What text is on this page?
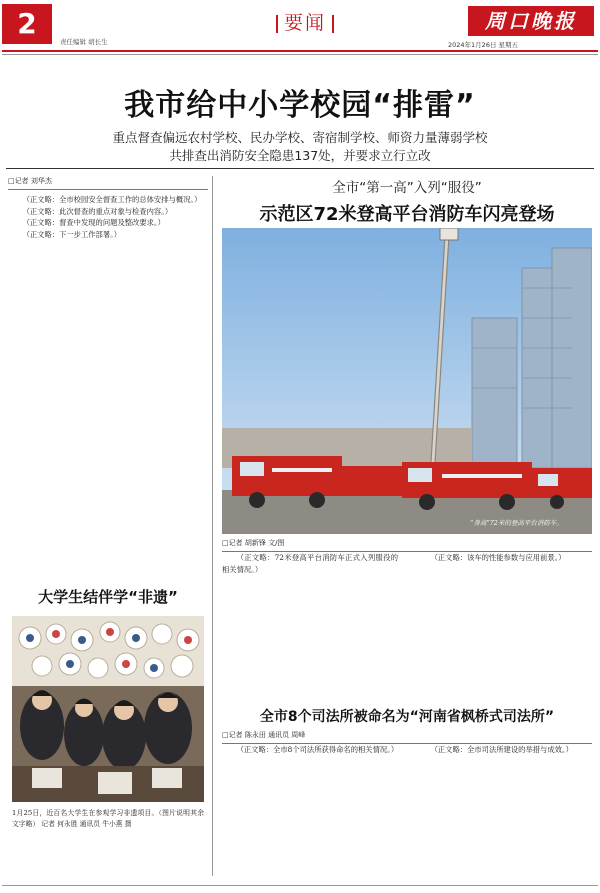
2
责任编辑 胡长生
要闻	周口晚报
2024年1月26日 星期五
我市给中小学校园“排雷”
重点督查偏远农村学校、民办学校、寄宿制学校、师资力量薄弱学校
共排查出消防安全隐患137处，并要求立行立改
□记者 刘华杰

（正文略：全市校园安全督查工作的总体安排与概况。）

（正文略：此次督查的重点对象与检查内容。）

（正文略：督查中发现的问题及整改要求。）

（正文略：下一步工作部署。）

大学生结伴学“非遗”
1月25日，近百名大学生在参观学习非遗项目。（图片说明其余文字略） 记者 何永胜 通讯员 牛小燕 摄
全市“第一高”入列“服役”
示范区72米登高平台消防车闪亮登场
“身高”72米的登高平台消防车。
□记者 胡新锋 文/图

（正文略：72米登高平台消防车正式入列服役的相关情况。）

（正文略：该车的性能参数与应用前景。）

全市8个司法所被命名为“河南省枫桥式司法所”
□记者 陈永田 通讯员 周峰

（正文略：全市8个司法所获得命名的相关情况。）	（正文略：全市司法所建设的举措与成效。）
